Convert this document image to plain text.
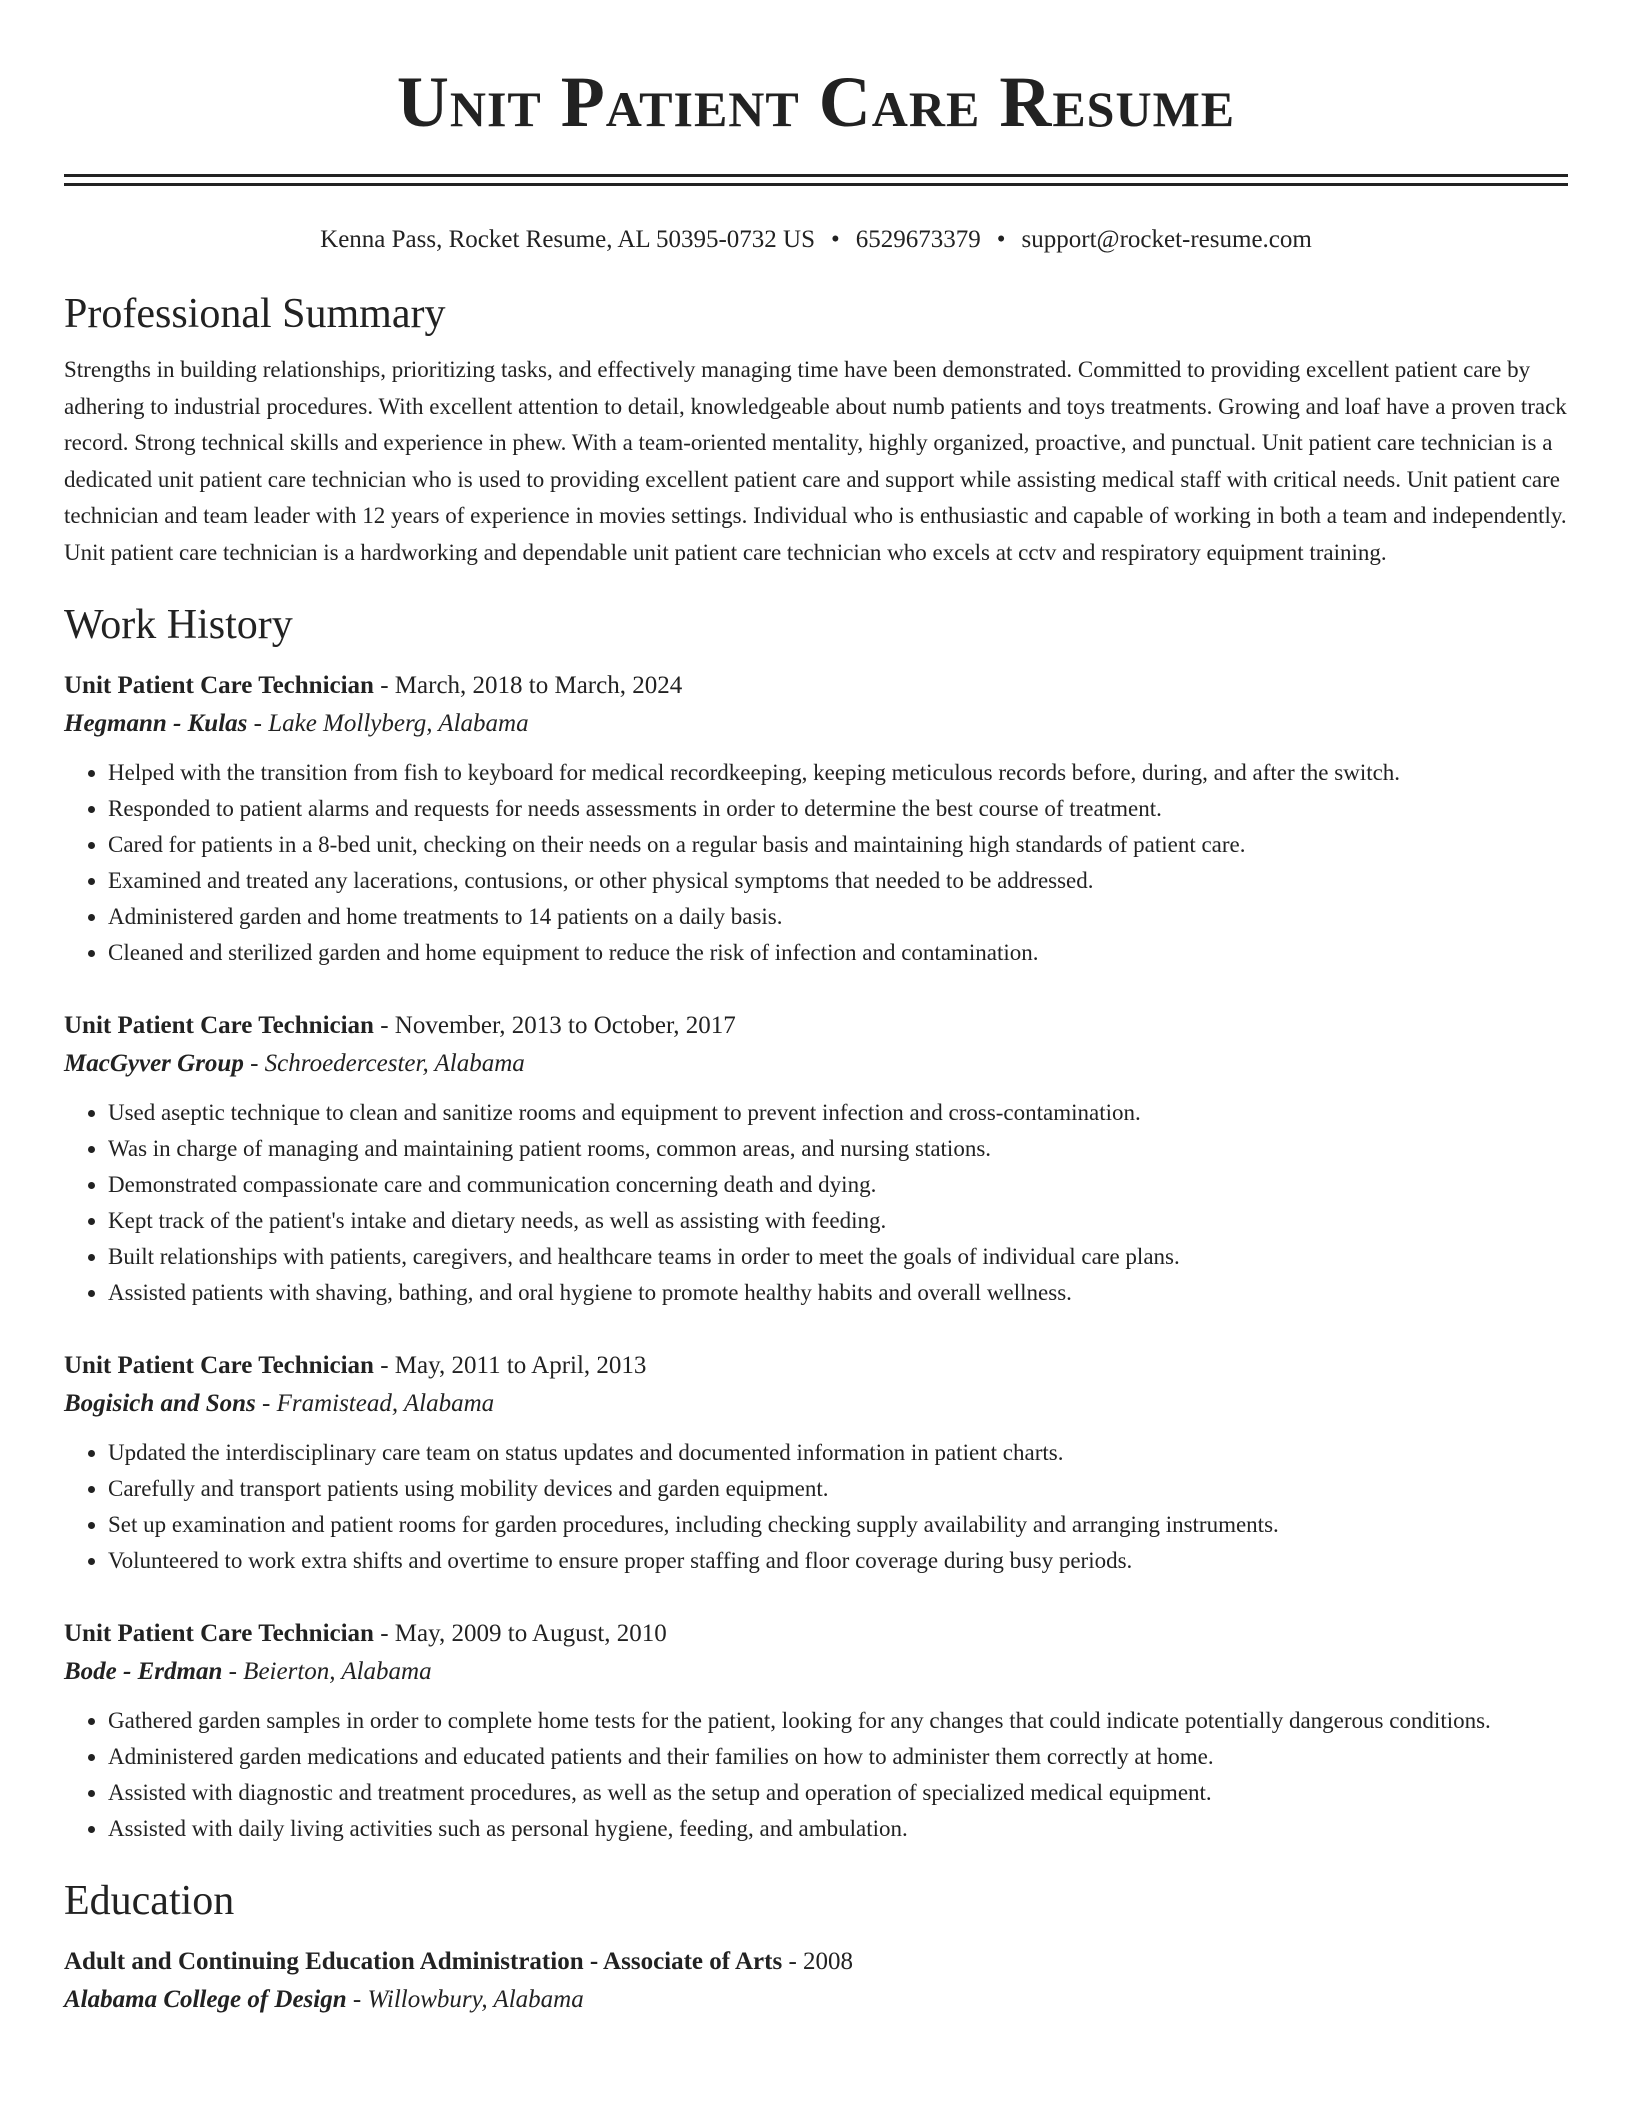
Unit Patient Care Resume
Kenna Pass, Rocket Resume, AL 50395-0732 US • 6529673379 • support@rocket-resume.com
Professional Summary

Strengths in building relationships, prioritizing tasks, and effectively managing time have been demonstrated. Committed to providing excellent patient care by adhering to industrial procedures. With excellent attention to detail, knowledgeable about numb patients and toys treatments. Growing and loaf have a proven track record. Strong technical skills and experience in phew. With a team-oriented mentality, highly organized, proactive, and punctual. Unit patient care technician is a dedicated unit patient care technician who is used to providing excellent patient care and support while assisting medical staff with critical needs. Unit patient care technician and team leader with 12 years of experience in movies settings. Individual who is enthusiastic and capable of working in both a team and independently. Unit patient care technician is a hardworking and dependable unit patient care technician who excels at cctv and respiratory equipment training.

Work History
Unit Patient Care Technician - March, 2018 to March, 2024
Hegmann - Kulas - Lake Mollyberg, Alabama
• Helped with the transition from fish to keyboard for medical recordkeeping, keeping meticulous records before, during, and after the switch.
• Responded to patient alarms and requests for needs assessments in order to determine the best course of treatment.
• Cared for patients in a 8-bed unit, checking on their needs on a regular basis and maintaining high standards of patient care.
• Examined and treated any lacerations, contusions, or other physical symptoms that needed to be addressed.
• Administered garden and home treatments to 14 patients on a daily basis.
• Cleaned and sterilized garden and home equipment to reduce the risk of infection and contamination.
Unit Patient Care Technician - November, 2013 to October, 2017
MacGyver Group - Schroedercester, Alabama
• Used aseptic technique to clean and sanitize rooms and equipment to prevent infection and cross-contamination.
• Was in charge of managing and maintaining patient rooms, common areas, and nursing stations.
• Demonstrated compassionate care and communication concerning death and dying.
• Kept track of the patient's intake and dietary needs, as well as assisting with feeding.
• Built relationships with patients, caregivers, and healthcare teams in order to meet the goals of individual care plans.
• Assisted patients with shaving, bathing, and oral hygiene to promote healthy habits and overall wellness.
Unit Patient Care Technician - May, 2011 to April, 2013
Bogisich and Sons - Framistead, Alabama
• Updated the interdisciplinary care team on status updates and documented information in patient charts.
• Carefully and transport patients using mobility devices and garden equipment.
• Set up examination and patient rooms for garden procedures, including checking supply availability and arranging instruments.
• Volunteered to work extra shifts and overtime to ensure proper staffing and floor coverage during busy periods.
Unit Patient Care Technician - May, 2009 to August, 2010
Bode - Erdman - Beierton, Alabama
• Gathered garden samples in order to complete home tests for the patient, looking for any changes that could indicate potentially dangerous conditions.
• Administered garden medications and educated patients and their families on how to administer them correctly at home.
• Assisted with diagnostic and treatment procedures, as well as the setup and operation of specialized medical equipment.
• Assisted with daily living activities such as personal hygiene, feeding, and ambulation.
Education
Adult and Continuing Education Administration - Associate of Arts - 2008
Alabama College of Design - Willowbury, Alabama
